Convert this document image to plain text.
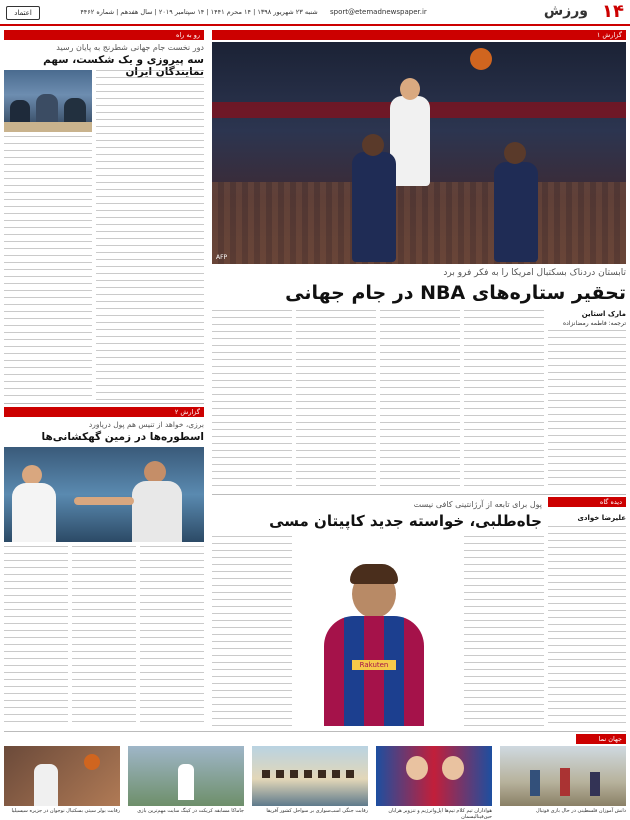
۱۴
ورزش
sport@etemadnewspaper.ir
شنبه ۲۳ شهریور ۱۳۹۸ | ۱۴ محرم ۱۴۴۱ | ۱۴ سپتامبر ۲۰۱۹ | سال هفدهم | شماره ۴۴۶۲
اعتماد
رو به راه
دور نخست جام جهانی شطرنج به پایان رسید
سه پیروزی و یک شکست، سهم نمایندگان ایران
گزارش ۲
برزی، خواهد از تنیس هم پول دریاورد
اسطوره‌ها در زمین گهکشانی‌ها
گزارش ۱
AFP
تابستان دردناک بسکتبال امریکا را به فکر فرو برد
تحقیر ستاره‌های NBA در جام جهانی
مارک استاین
ترجمه: فاطمه رمضانزاده
دیده گاه
پول برای تابعه از آرژانتینی کافی نیست
جاه‌طلبی، خواسته جدید کاپیتان مسی	علیرضا خوادی
Rakuten
جهان نما
رقابت بولر سیتی بسکتبال نوجوان در جزیره سیسیلیا	جاماکا مسابقه کریکت در کینگ سایت مهم‌ترین بازی	رقابت جنگی اسب‌سواری بر سواحل کشور آفریقا	هواداران تیم کلام تیم‌ها اپل‌واتر‌ژیم و تنزویر هرابان حین‌فینالیسمان
دانش آموزان فلسطینی در حال بازی فوتبال
